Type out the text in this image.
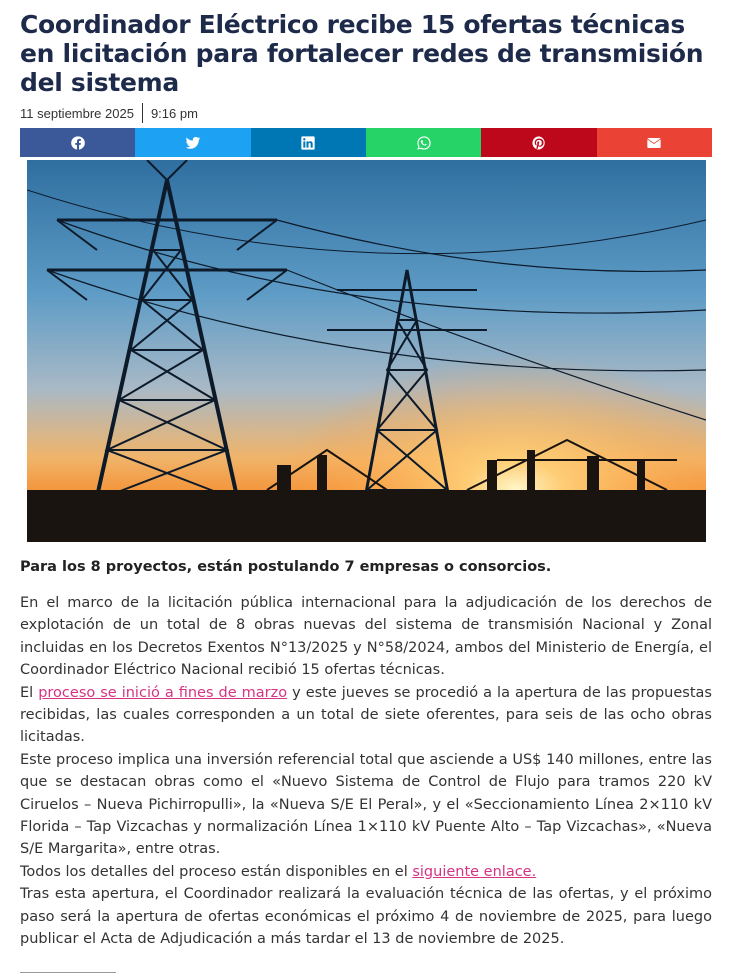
Coordinador Eléctrico recibe 15 ofertas técnicas en licitación para fortalecer redes de transmisión del sistema
11 septiembre 2025 9:16 pm

Para los 8 proyectos, están postulando 7 empresas o consorcios.

En el marco de la licitación pública internacional para la adjudicación de los derechos de explotación de un total de 8 obras nuevas del sistema de transmisión Nacional y Zonal incluidas en los Decretos Exentos N°13/2025 y N°58/2024, ambos del Ministerio de Energía, el Coordinador Eléctrico Nacional recibió 15 ofertas técnicas.

El proceso se inició a fines de marzo y este jueves se procedió a la apertura de las propuestas recibidas, las cuales corresponden a un total de siete oferentes, para seis de las ocho obras licitadas.

Este proceso implica una inversión referencial total que asciende a US$ 140 millones, entre las que se destacan obras como el «Nuevo Sistema de Control de Flujo para tramos 220 kV Ciruelos – Nueva Pichirropulli», la «Nueva S/E El Peral», y el «Seccionamiento Línea 2×110 kV Florida – Tap Vizcachas y normalización Línea 1×110 kV Puente Alto – Tap Vizcachas», «Nueva S/E Margarita», entre otras.

Todos los detalles del proceso están disponibles en el siguiente enlace.

Tras esta apertura, el Coordinador realizará la evaluación técnica de las ofertas, y el próximo paso será la apertura de ofertas económicas el próximo 4 de noviembre de 2025, para luego publicar el Acta de Adjudicación a más tardar el 13 de noviembre de 2025.
